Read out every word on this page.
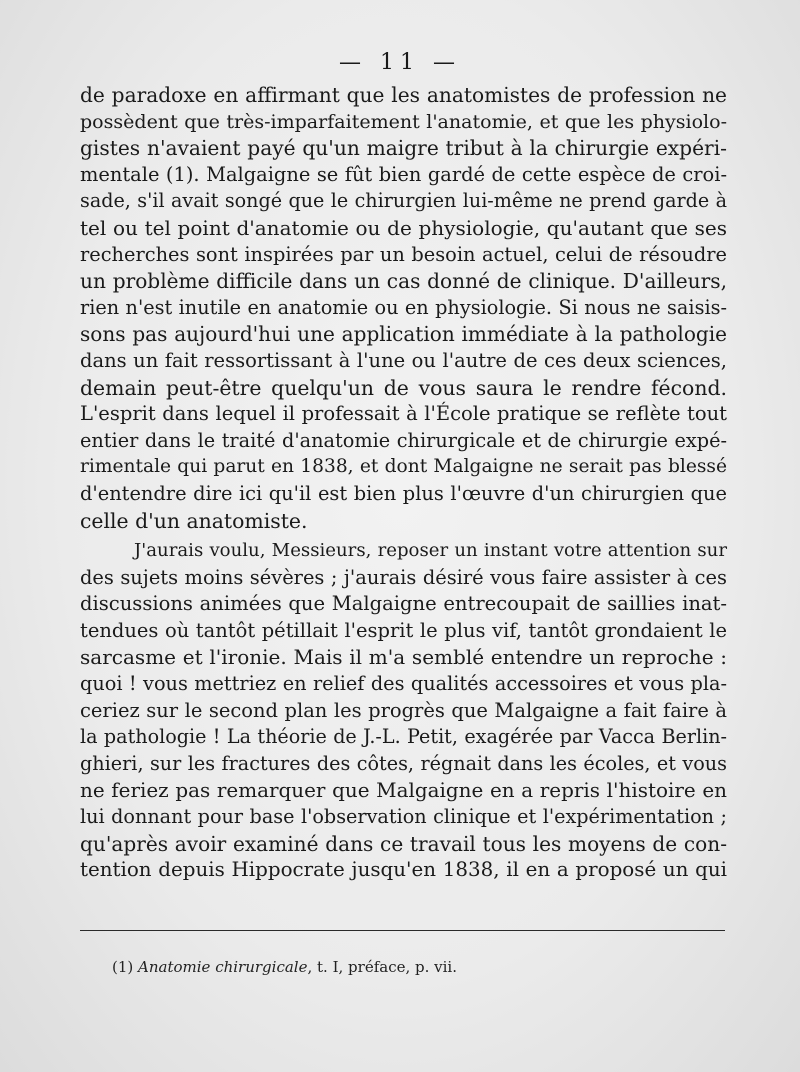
— 11 —
de paradoxe en affirmant que les anatomistes de profession ne
possèdent que très-imparfaitement l'anatomie, et que les physiolo-
gistes n'avaient payé qu'un maigre tribut à la chirurgie expéri-
mentale (1). Malgaigne se fût bien gardé de cette espèce de croi-
sade, s'il avait songé que le chirurgien lui-même ne prend garde à
tel ou tel point d'anatomie ou de physiologie, qu'autant que ses
recherches sont inspirées par un besoin actuel, celui de résoudre
un problème difficile dans un cas donné de clinique. D'ailleurs,
rien n'est inutile en anatomie ou en physiologie. Si nous ne saisis-
sons pas aujourd'hui une application immédiate à la pathologie
dans un fait ressortissant à l'une ou l'autre de ces deux sciences,
demain peut-être quelqu'un de vous saura le rendre fécond.
L'esprit dans lequel il professait à l'École pratique se reflète tout
entier dans le traité d'anatomie chirurgicale et de chirurgie expé-
rimentale qui parut en 1838, et dont Malgaigne ne serait pas blessé
d'entendre dire ici qu'il est bien plus l'œuvre d'un chirurgien que
celle d'un anatomiste.
J'aurais voulu, Messieurs, reposer un instant votre attention sur
des sujets moins sévères ; j'aurais désiré vous faire assister à ces
discussions animées que Malgaigne entrecoupait de saillies inat-
tendues où tantôt pétillait l'esprit le plus vif, tantôt grondaient le
sarcasme et l'ironie. Mais il m'a semblé entendre un reproche :
quoi ! vous mettriez en relief des qualités accessoires et vous pla-
ceriez sur le second plan les progrès que Malgaigne a fait faire à
la pathologie ! La théorie de J.-L. Petit, exagérée par Vacca Berlin-
ghieri, sur les fractures des côtes, régnait dans les écoles, et vous
ne feriez pas remarquer que Malgaigne en a repris l'histoire en
lui donnant pour base l'observation clinique et l'expérimentation ;
qu'après avoir examiné dans ce travail tous les moyens de con-
tention depuis Hippocrate jusqu'en 1838, il en a proposé un qui
(1) Anatomie chirurgicale, t. I, préface, p. vii.
